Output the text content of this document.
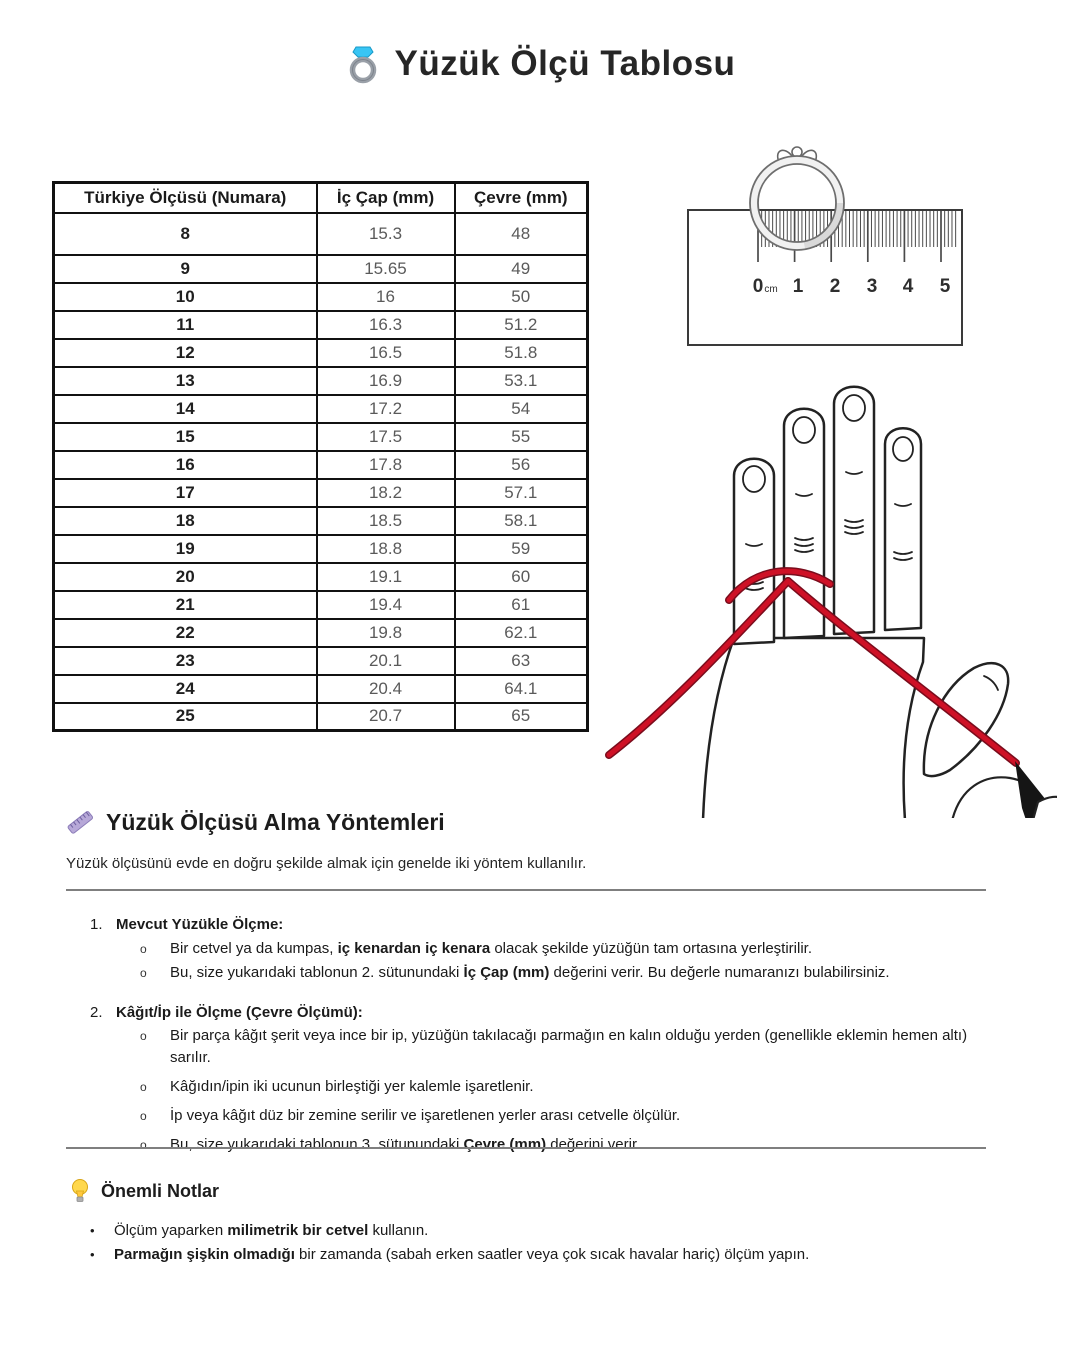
Yüzük Ölçü Tablosu
Türkiye Ölçüsü (Numara)	İç Çap (mm)	Çevre (mm)
8	15.3	48
9	15.65	49
10	16	50
11	16.3	51.2
12	16.5	51.8
13	16.9	53.1
14	17.2	54
15	17.5	55
16	17.8	56
17	18.2	57.1
18	18.5	58.1
19	18.8	59
20	19.1	60
21	19.4	61
22	19.8	62.1
23	20.1	63
24	20.4	64.1
25	20.7	65
0 cm 1 2 3 4 5
Yüzük Ölçüsü Alma Yöntemleri

Yüzük ölçüsünü evde en doğru şekilde almak için genelde iki yöntem kullanılır.

1. Mevcut Yüzükle Ölçme:
o	Bir cetvel ya da kumpas, iç kenardan iç kenara olacak şekilde yüzüğün tam ortasına yerleştirilir.
o	Bu, size yukarıdaki tablonun 2. sütunundaki İç Çap (mm) değerini verir. Bu değerle numaranızı bulabilirsiniz.
2. Kâğıt/İp ile Ölçme (Çevre Ölçümü):
o	Bir parça kâğıt şerit veya ince bir ip, yüzüğün takılacağı parmağın en kalın olduğu yerden (genellikle eklemin hemen altı) sarılır.
o	Kâğıdın/ipin iki ucunun birleştiği yer kalemle işaretlenir.
o	İp veya kâğıt düz bir zemine serilir ve işaretlenen yerler arası cetvelle ölçülür.
o	Bu, size yukarıdaki tablonun 3. sütunundaki Çevre (mm) değerini verir.
Önemli Notlar
•	Ölçüm yaparken milimetrik bir cetvel kullanın.
•	Parmağın şişkin olmadığı bir zamanda (sabah erken saatler veya çok sıcak havalar hariç) ölçüm yapın.
